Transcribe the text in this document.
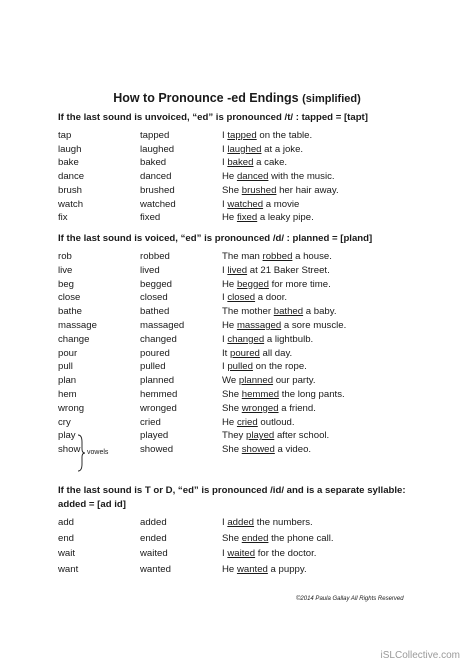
How to Pronounce -ed Endings (simplified)
If the last sound is unvoiced, “ed” is pronounced /t/ : tapped = [tapt]
tap	tapped	I tapped on the table.
laugh	laughed	I laughed at a joke.
bake	baked	I baked a cake.
dance	danced	He danced with the music.
brush	brushed	She brushed her hair away.
watch	watched	I watched a movie
fix	fixed	He fixed a leaky pipe.
If the last sound is voiced, “ed” is pronounced /d/ : planned = [pland]
rob	robbed	The man robbed a house.
live	lived	I lived at 21 Baker Street.
beg	begged	He begged for more time.
close	closed	I closed a door.
bathe	bathed	The mother bathed a baby.
massage	massaged	He massaged a sore muscle.
change	changed	I changed a lightbulb.
pour	poured	It poured all day.
pull	pulled	I pulled on the rope.
plan	planned	We planned our party.
hem	hemmed	She hemmed the long pants.
wrong	wronged	She wronged a friend.
cry	cried	He cried outloud.
play	played	They played after school.
show	showed	She showed a video.
vowels
If the last sound is T or D, “ed” is pronounced /id/ and is a separate syllable:
added = [ad id]
add	added	I added the numbers.
end	ended	She ended the phone call.
wait	waited	I waited for the doctor.
want	wanted	He wanted a puppy.
©2014 Paula Gallay All Rights Reserved
iSLCollective.com
